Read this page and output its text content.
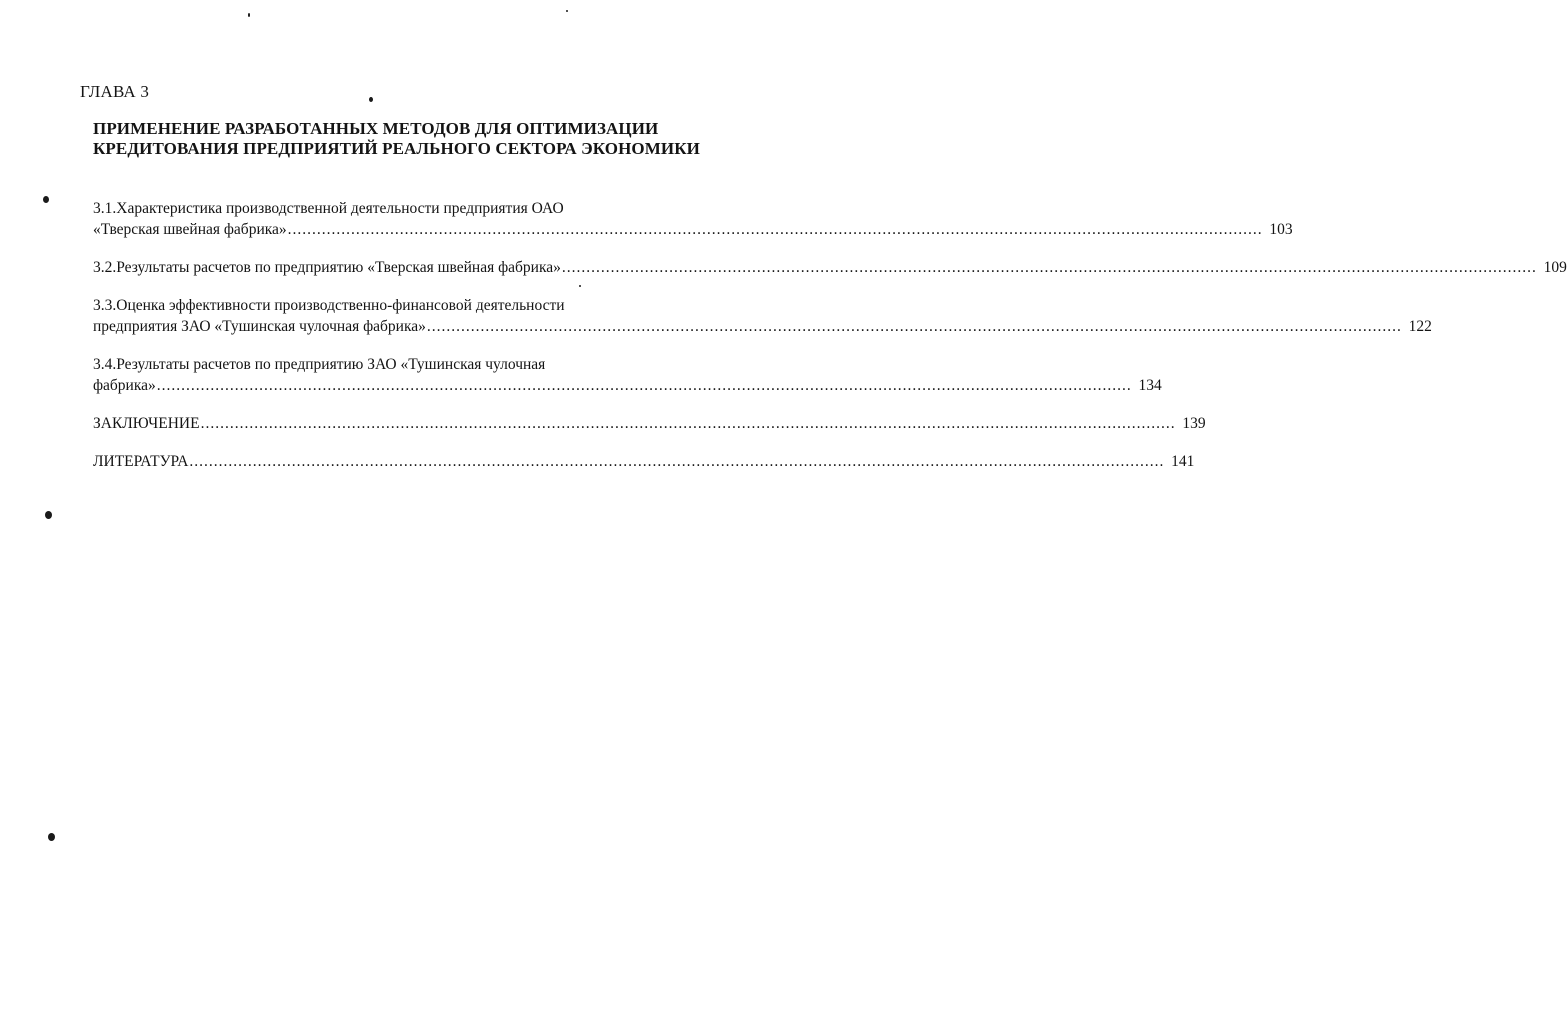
ГЛАВА 3
ПРИМЕНЕНИЕ РАЗРАБОТАННЫХ МЕТОДОВ ДЛЯ ОПТИМИЗАЦИИ КРЕДИТОВАНИЯ ПРЕДПРИЯТИЙ РЕАЛЬНОГО СЕКТОРА ЭКОНОМИКИ
3.1.Характеристика производственной деятельности предприятия ОАО
«Тверская швейная фабрика» ........................................................................................................................................................................................................ 103
3.2.Результаты расчетов по предприятию «Тверская швейная фабрика» ........................................................................................................................................................................................................ 109
3.3.Оценка эффективности производственно-финансовой деятельности
предприятия ЗАО «Тушинская чулочная фабрика» ........................................................................................................................................................................................................ 122
3.4.Результаты расчетов по предприятию ЗАО «Тушинская чулочная
фабрика» ........................................................................................................................................................................................................ 134
ЗАКЛЮЧЕНИЕ ........................................................................................................................................................................................................ 139
ЛИТЕРАТУРА ........................................................................................................................................................................................................ 141
